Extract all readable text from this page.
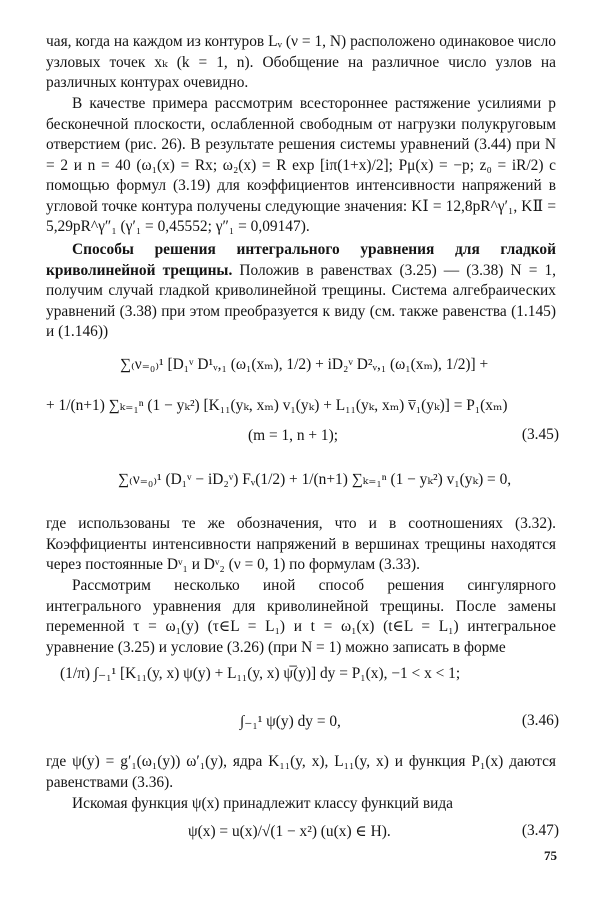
чая, когда на каждом из контуров Lᵥ (ν = 1, N) расположено одинаковое число узловых точек xₖ (k = 1, n). Обобщение на различное число узлов на различных контурах очевидно.
В качестве примера рассмотрим всестороннее растяжение усилиями p бесконечной плоскости, ослабленной свободным от нагрузки полукруговым отверстием (рис. 26). В результате решения системы уравнений (3.44) при N = 2 и n = 40 (ω₁(x) = Rx; ω₂(x) = R exp [iπ(1+x)/2]; Pμ(x) = −p; z₀ = iR/2) с помощью формул (3.19) для коэффициентов интенсивности напряжений в угловой точке контура получены следующие значения: KⅠ = 12,8pR^γ′₁, KⅡ = 5,29pR^γ″₁ (γ′₁ = 0,45552; γ″₁ = 0,09147).
Способы решения интегрального уравнения для гладкой криволинейной трещины. Положив в равенствах (3.25) — (3.38) N = 1, получим случай гладкой криволинейной трещины. Система алгебраических уравнений (3.38) при этом преобразуется к виду (см. также равенства (1.145) и (1.146))
∑₍ν₌₀₎¹ [D₁ᵛ D¹ᵥ,₁ (ω₁(xₘ), 1/2) + iD₂ᵛ D²ᵥ,₁ (ω₁(xₘ), 1/2)] +
+ 1/(n+1) ∑ₖ₌₁ⁿ (1 − yₖ²) [K₁₁(yₖ, xₘ) v₁(yₖ) + L₁₁(yₖ, xₘ) v̅₁(yₖ)] = P₁(xₘ)
(m = 1, n + 1);	(3.45)
∑₍ν₌₀₎¹ (D₁ᵛ − iD₂ᵛ) Fᵥ(1/2) + 1/(n+1) ∑ₖ₌₁ⁿ (1 − yₖ²) v₁(yₖ) = 0,
где использованы те же обозначения, что и в соотношениях (3.32). Коэффициенты интенсивности напряжений в вершинах трещины находятся через постоянные Dᵛ₁ и Dᵛ₂ (ν = 0, 1) по формулам (3.33).
Рассмотрим несколько иной способ решения сингулярного интегрального уравнения для криволинейной трещины. После замены переменной τ = ω₁(y) (τ∈L = L₁) и t = ω₁(x) (t∈L = L₁) интегральное уравнение (3.25) и условие (3.26) (при N = 1) можно записать в форме
(1/π) ∫₋₁¹ [K₁₁(y, x) ψ(y) + L₁₁(y, x) ψ̅(y)] dy = P₁(x), −1 < x < 1;
∫₋₁¹ ψ(y) dy = 0,	(3.46)
где ψ(y) = g′₁(ω₁(y)) ω′₁(y), ядра K₁₁(y, x), L₁₁(y, x) и функция P₁(x) даются равенствами (3.36).
Искомая функция ψ(x) принадлежит классу функций вида
ψ(x) = u(x)/√(1 − x²) (u(x) ∈ H).	(3.47)
75
